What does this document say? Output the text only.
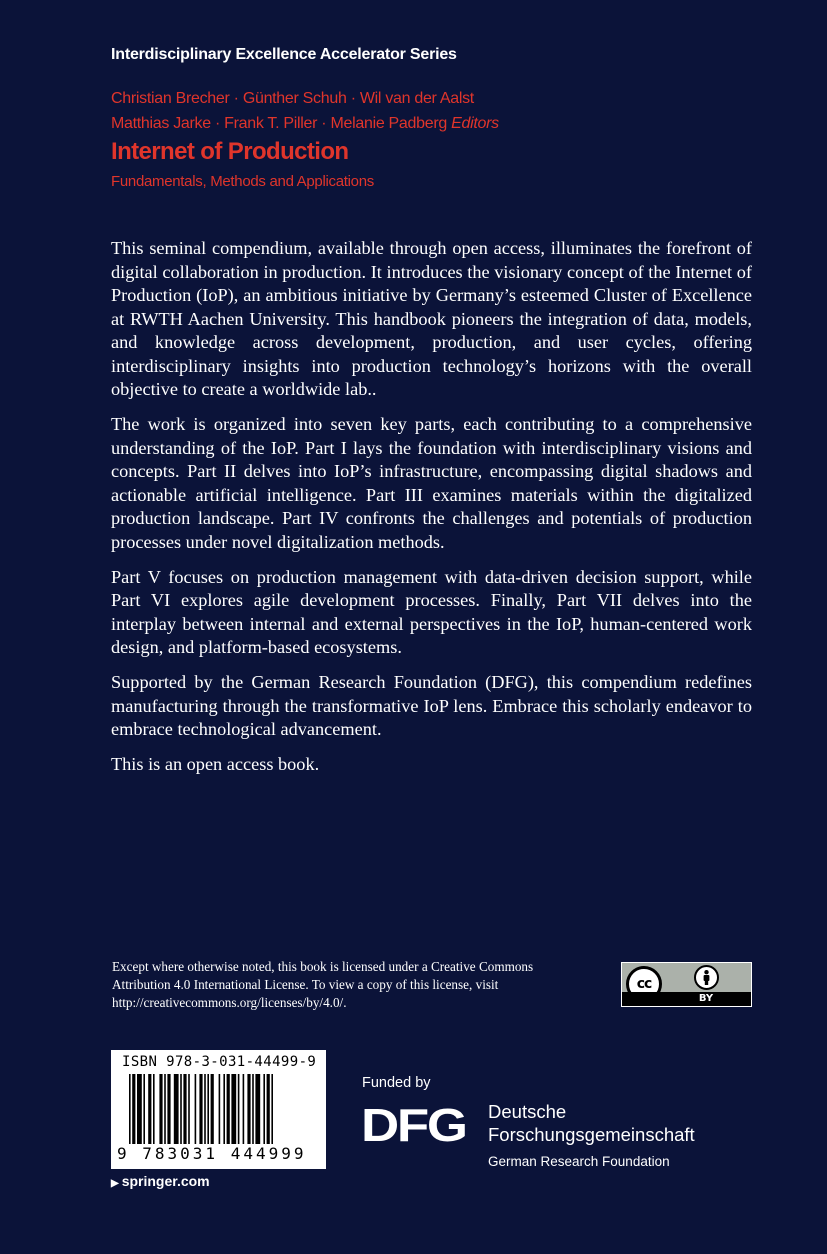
Interdisciplinary Excellence Accelerator Series
Christian Brecher · Günther Schuh · Wil van der Aalst
Matthias Jarke · Frank T. Piller · Melanie Padberg Editors
Internet of Production
Fundamentals, Methods and Applications

This seminal compendium, available through open access, illuminates the forefront of digital collaboration in production. It introduces the visionary concept of the Internet of Production (IoP), an ambitious initiative by Germany’s esteemed Cluster of Excellence at RWTH Aachen University. This handbook pioneers the integration of data, models, and knowledge across development, production, and user cycles, offering interdisciplinary insights into production technology’s horizons with the overall objective to create a worldwide lab..

The work is organized into seven key parts, each contributing to a comprehensive understanding of the IoP. Part I lays the foundation with interdisciplinary visions and concepts. Part II delves into IoP’s infrastructure, encompassing digital shadows and actionable artificial intelligence. Part III examines materials within the digitalized production landscape. Part IV confronts the challenges and potentials of production processes under novel digitalization methods.

Part V focuses on production management with data-driven decision support, while Part VI explores agile development processes. Finally, Part VII delves into the interplay between internal and external perspectives in the IoP, human-centered work design, and platform-based ecosystems.

Supported by the German Research Foundation (DFG), this compendium redefines manufacturing through the transformative IoP lens. Embrace this scholarly endeavor to embrace technological advancement.

This is an open access book.

Except where otherwise noted, this book is licensed under a Creative Commons Attribution 4.0 International License. To view a copy of this license, visit http://creativecommons.org/licenses/by/4.0/.
cc
BY
ISBN 978-3-031-44499-9
9 783031 444999
▶ springer.com
Funded by
DFG Deutsche
Forschungsgemeinschaft
German Research Foundation
